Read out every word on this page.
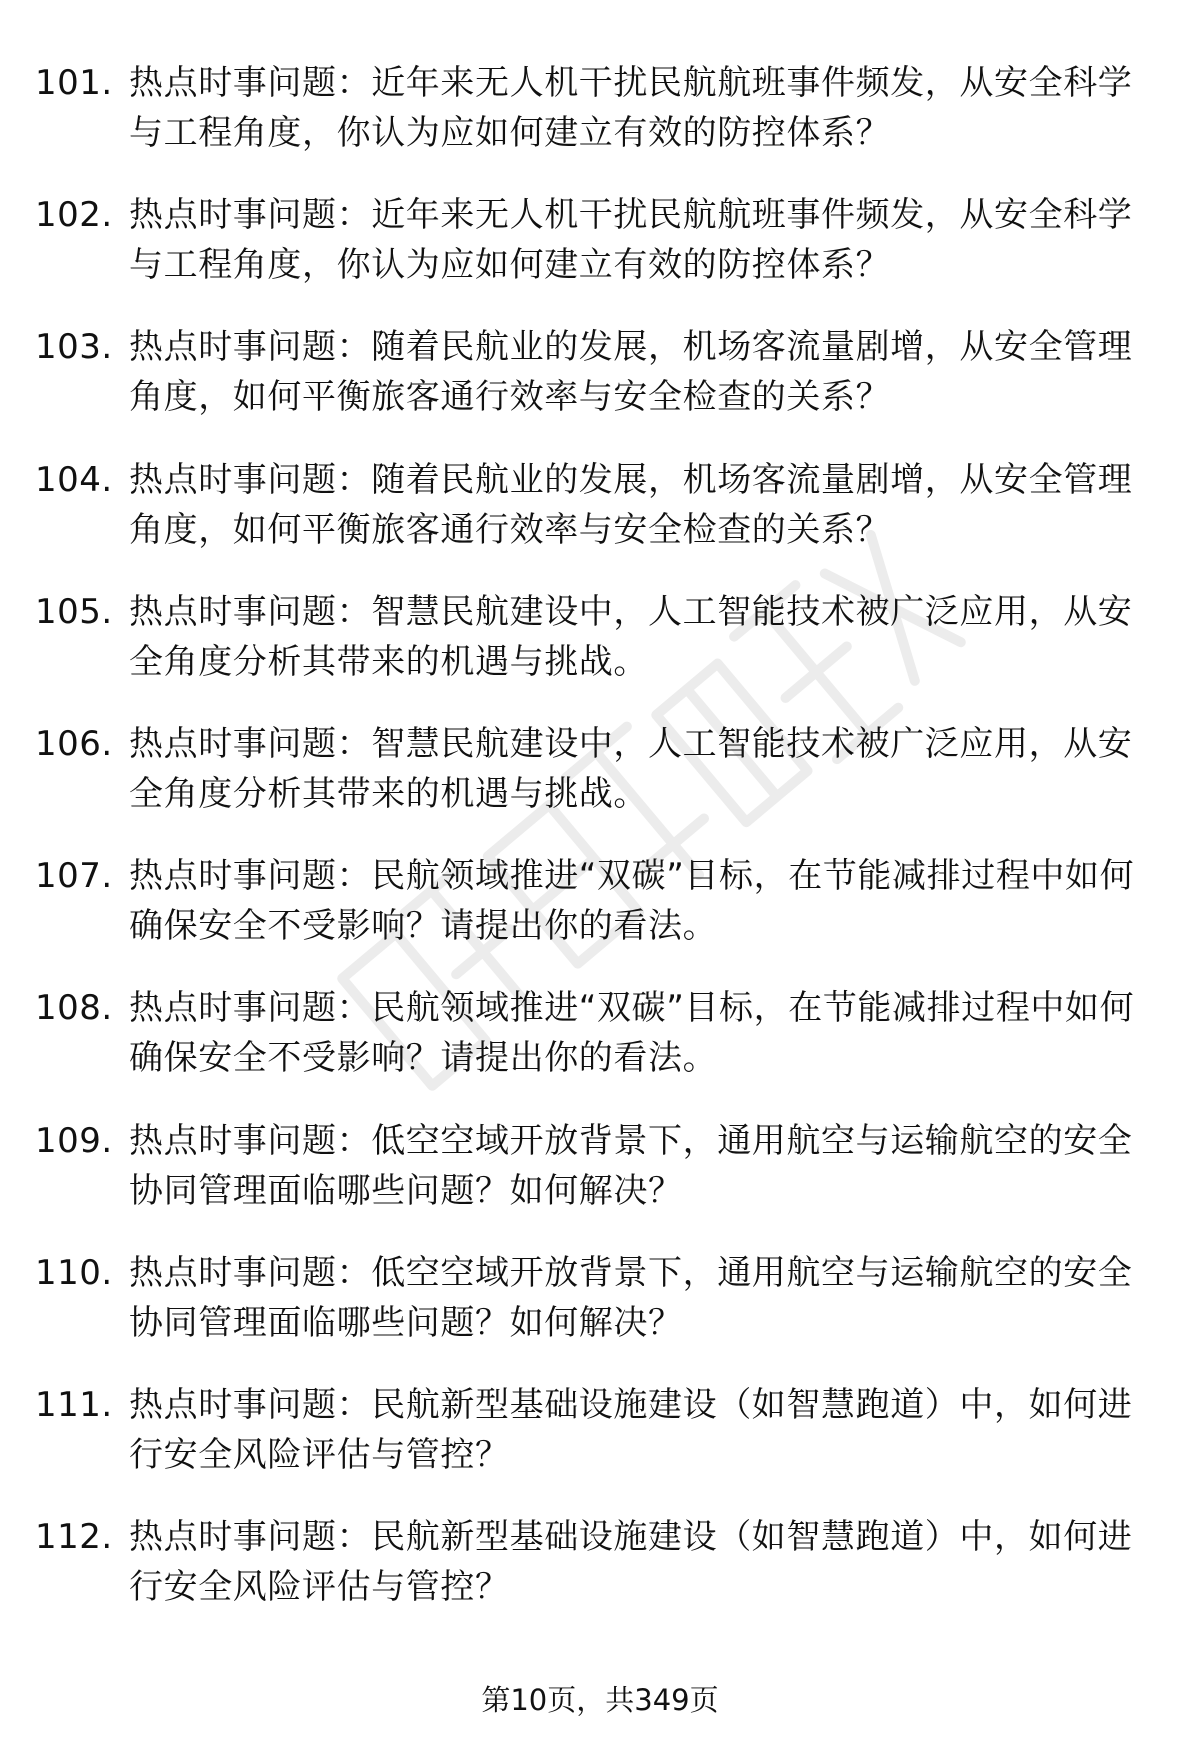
101. 热点时事问题：近年来无人机干扰民航航班事件频发，从安全科学与工程角度，你认为应如何建立有效的防控体系？
102. 热点时事问题：近年来无人机干扰民航航班事件频发，从安全科学与工程角度，你认为应如何建立有效的防控体系？
103. 热点时事问题：随着民航业的发展，机场客流量剧增，从安全管理角度，如何平衡旅客通行效率与安全检查的关系？
104. 热点时事问题：随着民航业的发展，机场客流量剧增，从安全管理角度，如何平衡旅客通行效率与安全检查的关系？
105. 热点时事问题：智慧民航建设中，人工智能技术被广泛应用，从安全角度分析其带来的机遇与挑战。
106. 热点时事问题：智慧民航建设中，人工智能技术被广泛应用，从安全角度分析其带来的机遇与挑战。
107. 热点时事问题：民航领域推进“双碳”目标，在节能减排过程中如何确保安全不受影响？请提出你的看法。
108. 热点时事问题：民航领域推进“双碳”目标，在节能减排过程中如何确保安全不受影响？请提出你的看法。
109. 热点时事问题：低空空域开放背景下，通用航空与运输航空的安全协同管理面临哪些问题？如何解决？
110. 热点时事问题：低空空域开放背景下，通用航空与运输航空的安全协同管理面临哪些问题？如何解决？
111. 热点时事问题：民航新型基础设施建设（如智慧跑道）中，如何进行安全风险评估与管控？
112. 热点时事问题：民航新型基础设施建设（如智慧跑道）中，如何进行安全风险评估与管控？
第10页，共349页
